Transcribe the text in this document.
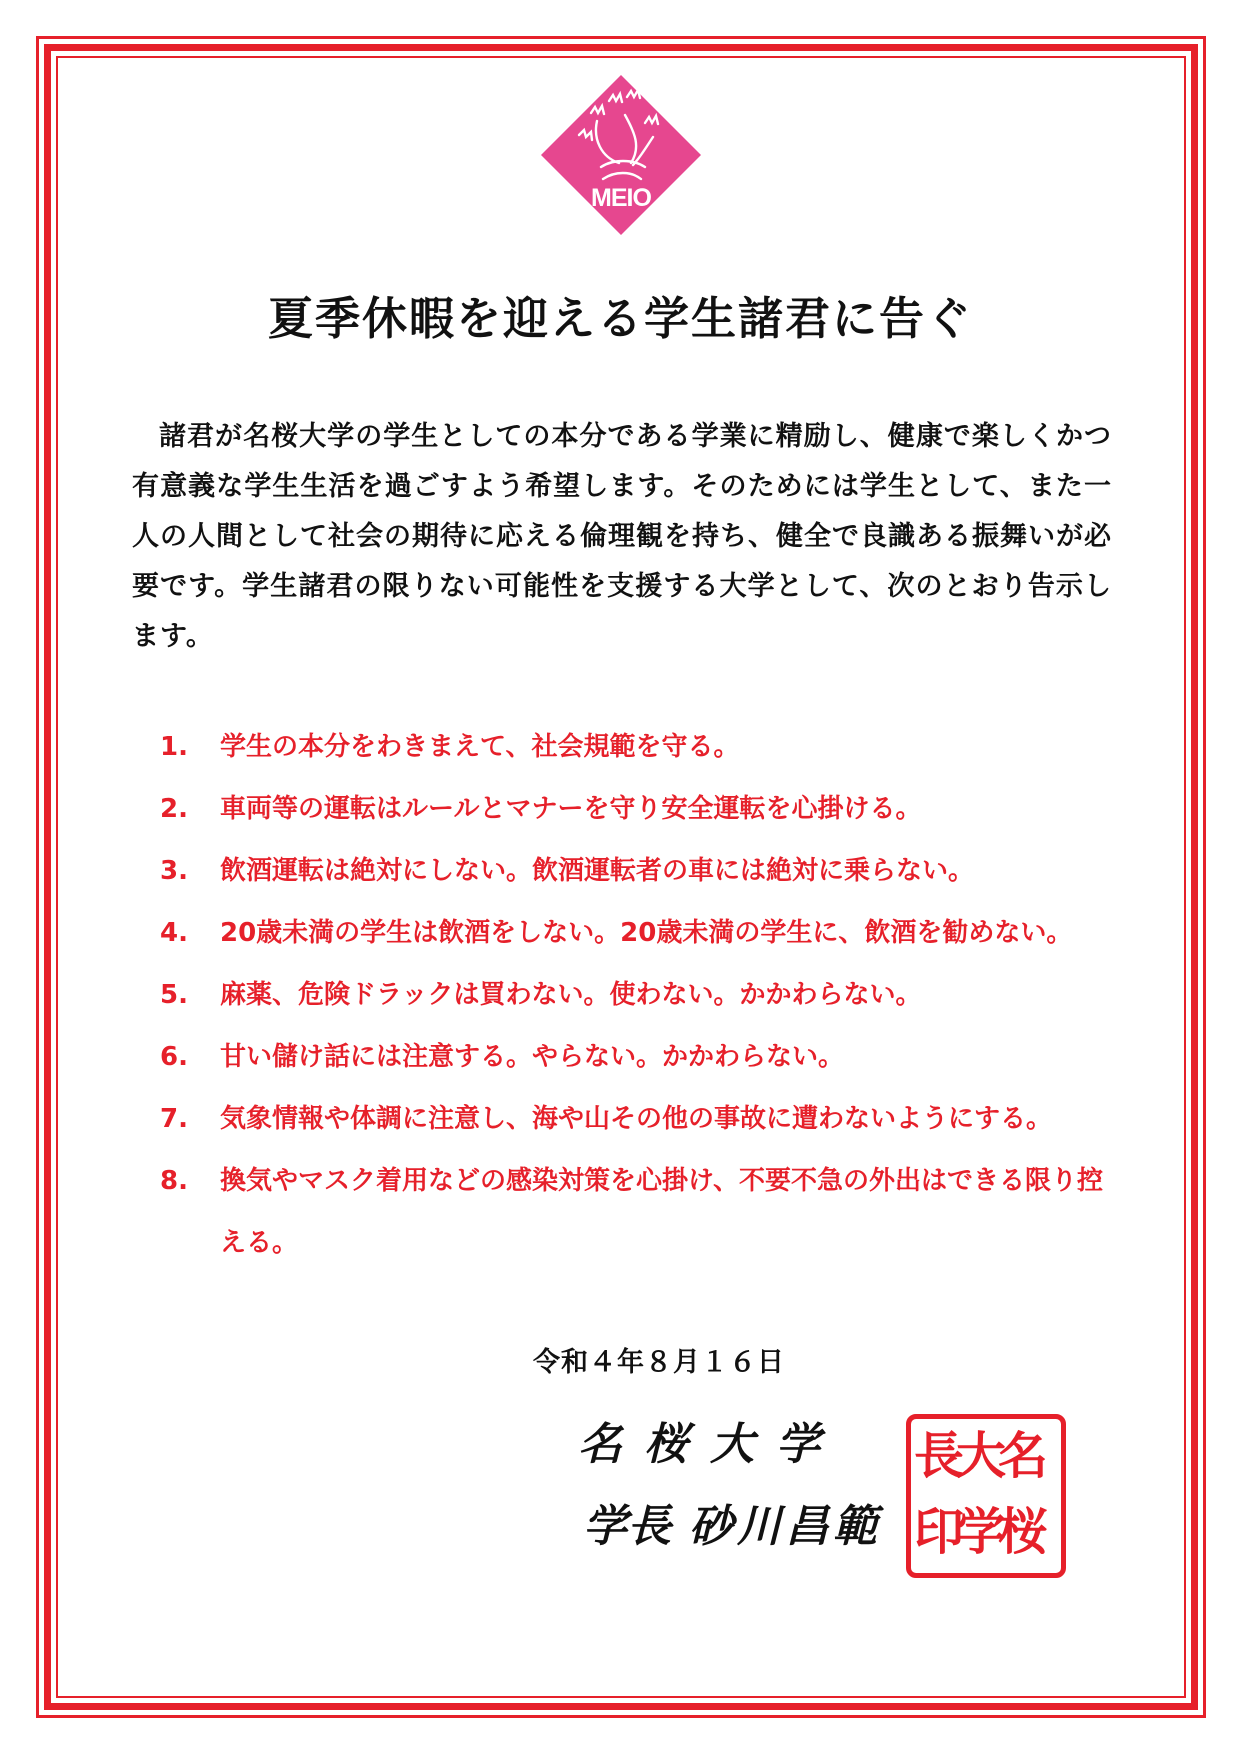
MEIO
夏季休暇を迎える学生諸君に告ぐ

諸君が名桜大学の学生としての本分である学業に精励し、健康で楽しくかつ有意義な学生生活を過ごすよう希望します。そのためには学生として、また一人の人間として社会の期待に応える倫理観を持ち、健全で良識ある振舞いが必要です。学生諸君の限りない可能性を支援する大学として、次のとおり告示します。

1.	学生の本分をわきまえて、社会規範を守る。
2.	車両等の運転はルールとマナーを守り安全運転を心掛ける。
3.	飲酒運転は絶対にしない。飲酒運転者の車には絶対に乗らない。
4.	20歳未満の学生は飲酒をしない。20歳未満の学生に、飲酒を勧めない。
5.	麻薬、危険ドラックは買わない。使わない。かかわらない。
6.	甘い儲け話には注意する。やらない。かかわらない。
7.	気象情報や体調に注意し、海や山その他の事故に遭わないようにする。
8.	換気やマスク着用などの感染対策を心掛け、不要不急の外出はできる限り控える。
令和４年８月１６日
名桜大学
学長 砂川昌範
名
桜
大
学
長
印
